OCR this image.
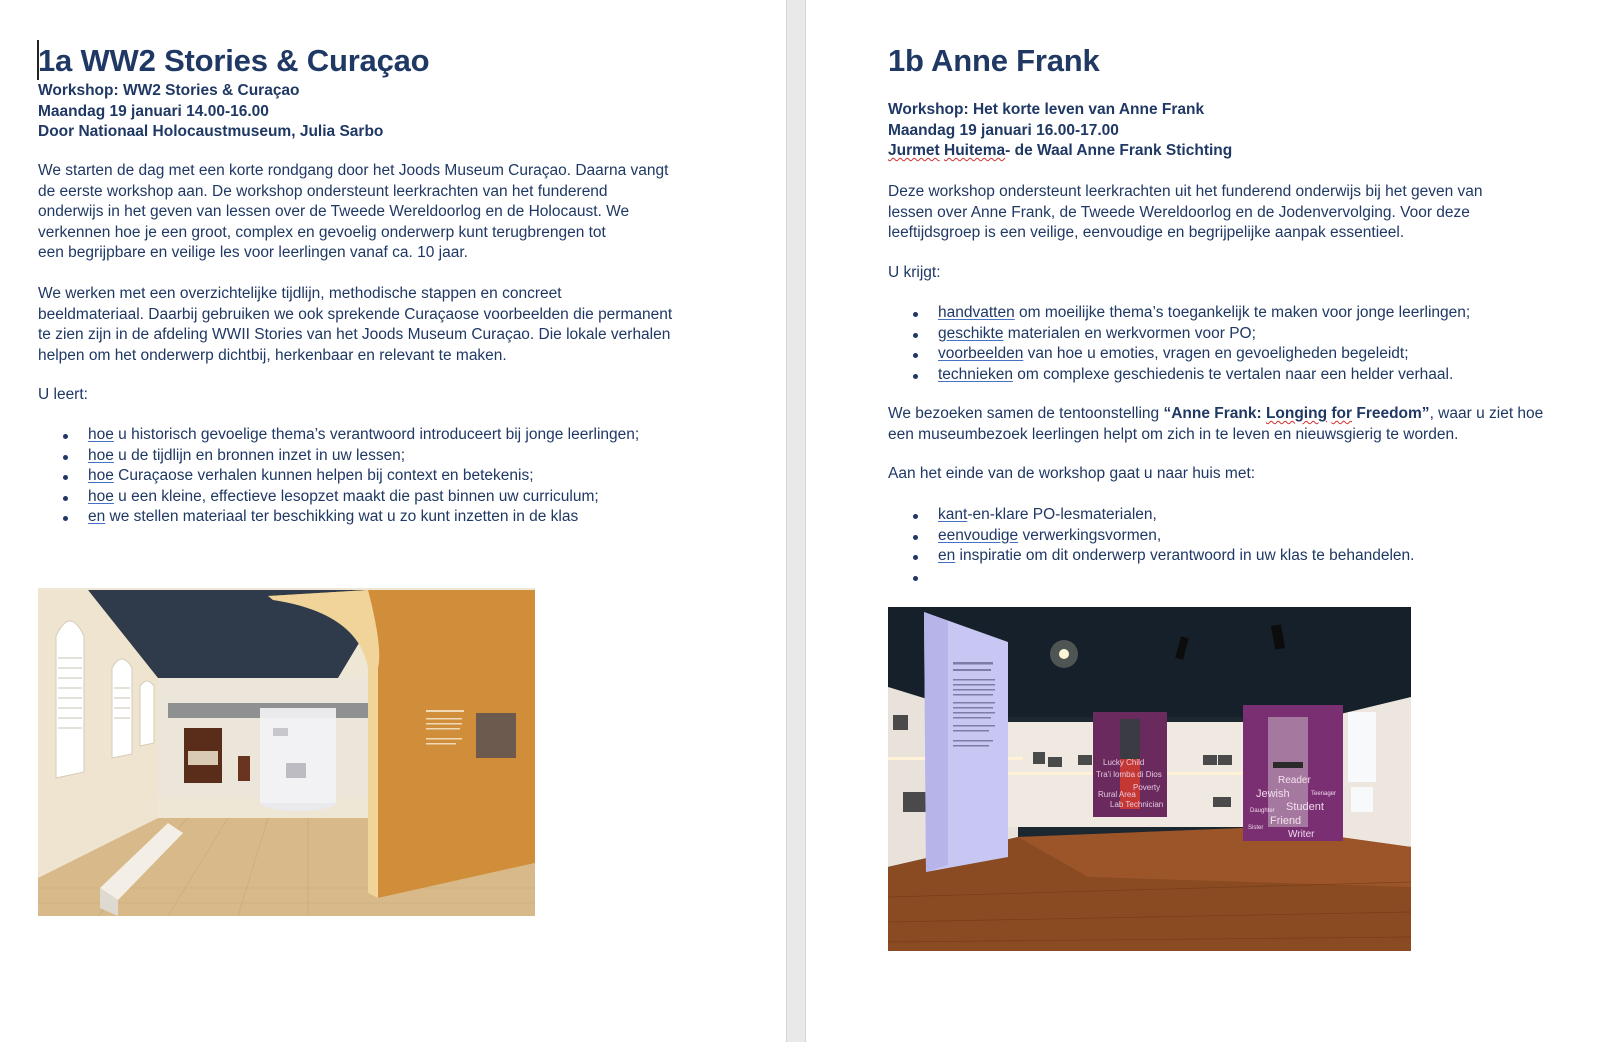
1a WW2 Stories & Curaçao
Workshop: WW2 Stories & Curaçao
Maandag 19 januari 14.00-16.00
Door Nationaal Holocaustmuseum, Julia Sarbo

We starten de dag met een korte rondgang door het Joods Museum Curaçao. Daarna vangt
de eerste workshop aan. De workshop ondersteunt leerkrachten van het funderend
onderwijs in het geven van lessen over de Tweede Wereldoorlog en de Holocaust. We
verkennen hoe je een groot, complex en gevoelig onderwerp kunt terugbrengen tot
een begrijpbare en veilige les voor leerlingen vanaf ca. 10 jaar.

We werken met een overzichtelijke tijdlijn, methodische stappen en concreet
beeldmateriaal. Daarbij gebruiken we ook sprekende Curaçaose voorbeelden die permanent
te zien zijn in de afdeling WWII Stories van het Joods Museum Curaçao. Die lokale verhalen
helpen om het onderwerp dichtbij, herkenbaar en relevant te maken.

U leert:

hoe u historisch gevoelige thema’s verantwoord introduceert bij jonge leerlingen;
hoe u de tijdlijn en bronnen inzet in uw lessen;
hoe Curaçaose verhalen kunnen helpen bij context en betekenis;
hoe u een kleine, effectieve lesopzet maakt die past binnen uw curriculum;
en we stellen materiaal ter beschikking wat u zo kunt inzetten in de klas
1b Anne Frank
Workshop: Het korte leven van Anne Frank
Maandag 19 januari 16.00-17.00
Jurmet Huitema- de Waal Anne Frank Stichting

Deze workshop ondersteunt leerkrachten uit het funderend onderwijs bij het geven van
lessen over Anne Frank, de Tweede Wereldoorlog en de Jodenvervolging. Voor deze
leeftijdsgroep is een veilige, eenvoudige en begrijpelijke aanpak essentieel.

U krijgt:

handvatten om moeilijke thema’s toegankelijk te maken voor jonge leerlingen;
geschikte materialen en werkvormen voor PO;
voorbeelden van hoe u emoties, vragen en gevoeligheden begeleidt;
technieken om complexe geschiedenis te vertalen naar een helder verhaal.

We bezoeken samen de tentoonstelling “Anne Frank: Longing for Freedom”, waar u ziet hoe
een museumbezoek leerlingen helpt om zich in te leven en nieuwsgierig te worden.

Aan het einde van de workshop gaat u naar huis met:

kant-en-klare PO-lesmaterialen,
eenvoudige verwerkingsvormen,
en inspiratie om dit onderwerp verantwoord in uw klas te behandelen.
Lucky Child
Tra'i lomba di Dios
Poverty
Rural Area
Lab Technician
Reader
Jewish
Student
Friend
Writer
Daughter
Sister
Teenager
